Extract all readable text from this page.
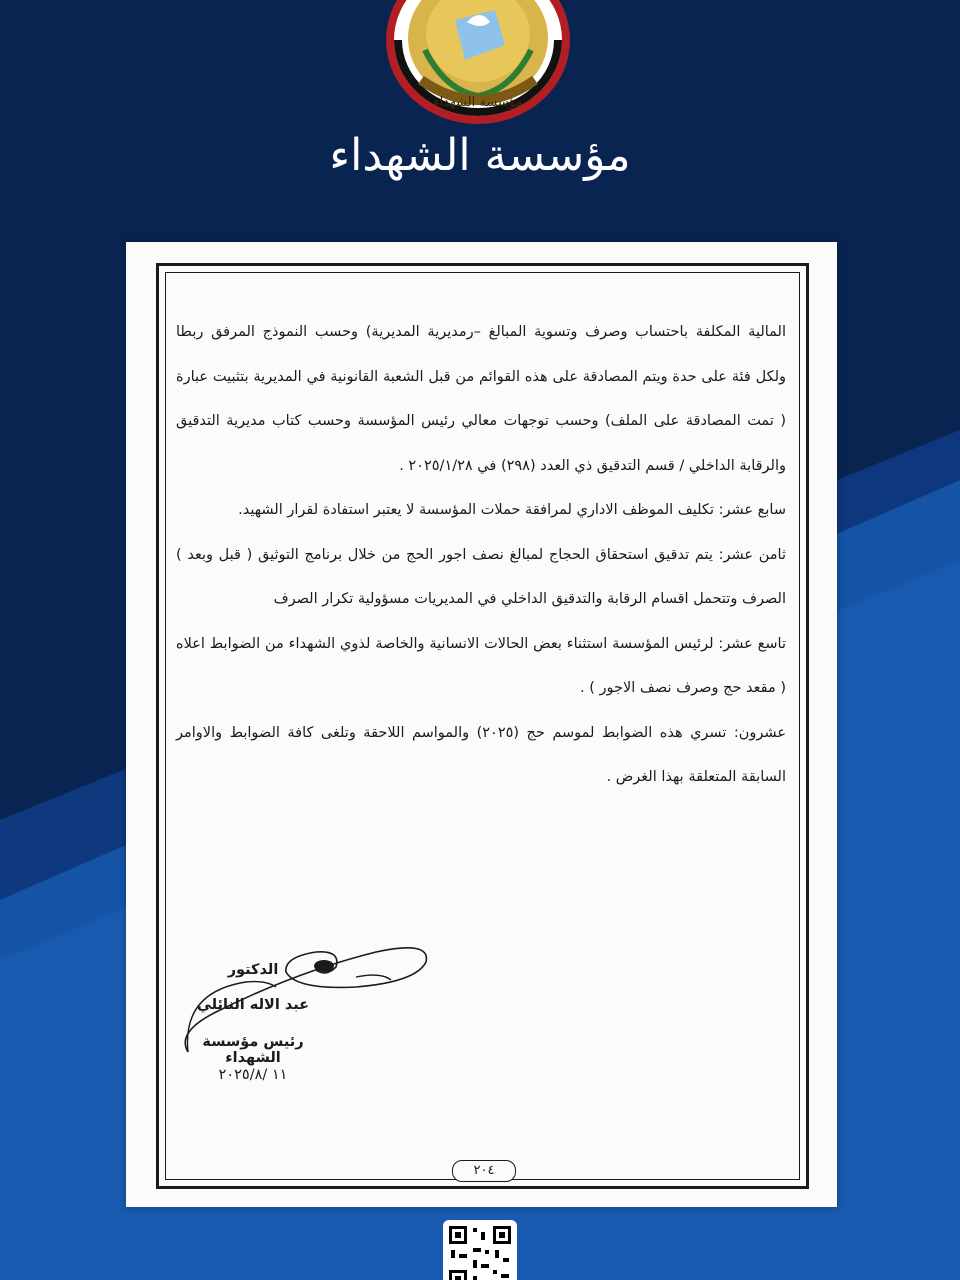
مؤسسة الشهداء
مؤسسة الشهداء

المالية المكلفة باحتساب وصرف وتسوية المبالغ –رمديرية المديرية) وحسب النموذج المرفق ربطا ولكل فئة على حدة ويتم المصادقة على هذه القوائم من قبل الشعبة القانونية في المديرية بتثبيت عبارة ( تمت المصادقة على الملف) وحسب توجهات معالي رئيس المؤسسة وحسب كتاب مديرية التدقيق والرقابة الداخلي / قسم التدقيق ذي العدد (٢٩٨) في ٢٠٢٥/١/٢٨ .

سابع عشر: تكليف الموظف الاداري لمرافقة حملات المؤسسة لا يعتبر استفادة لقرار الشهيد.

ثامن عشر: يتم تدقيق استحقاق الحجاج لمبالغ نصف اجور الحج من خلال برنامج التوثيق ( قبل وبعد ) الصرف وتتحمل اقسام الرقابة والتدقيق الداخلي في المديريات مسؤولية تكرار الصرف

تاسع عشر: لرئيس المؤسسة استثناء بعض الحالات الانسانية والخاصة لذوي الشهداء من الضوابط اعلاه ( مقعد حج وصرف نصف الاجور ) .

عشرون: تسري هذه الضوابط لموسم حج (٢٠٢٥) والمواسم اللاحقة وتلغى كافة الضوابط والاوامر السابقة المتعلقة بهذا الغرض .

الدكتور
عبد الاله النائلي
رئيس مؤسسة الشهداء
١١ /٢٠٢٥/٨
٢٠٤
